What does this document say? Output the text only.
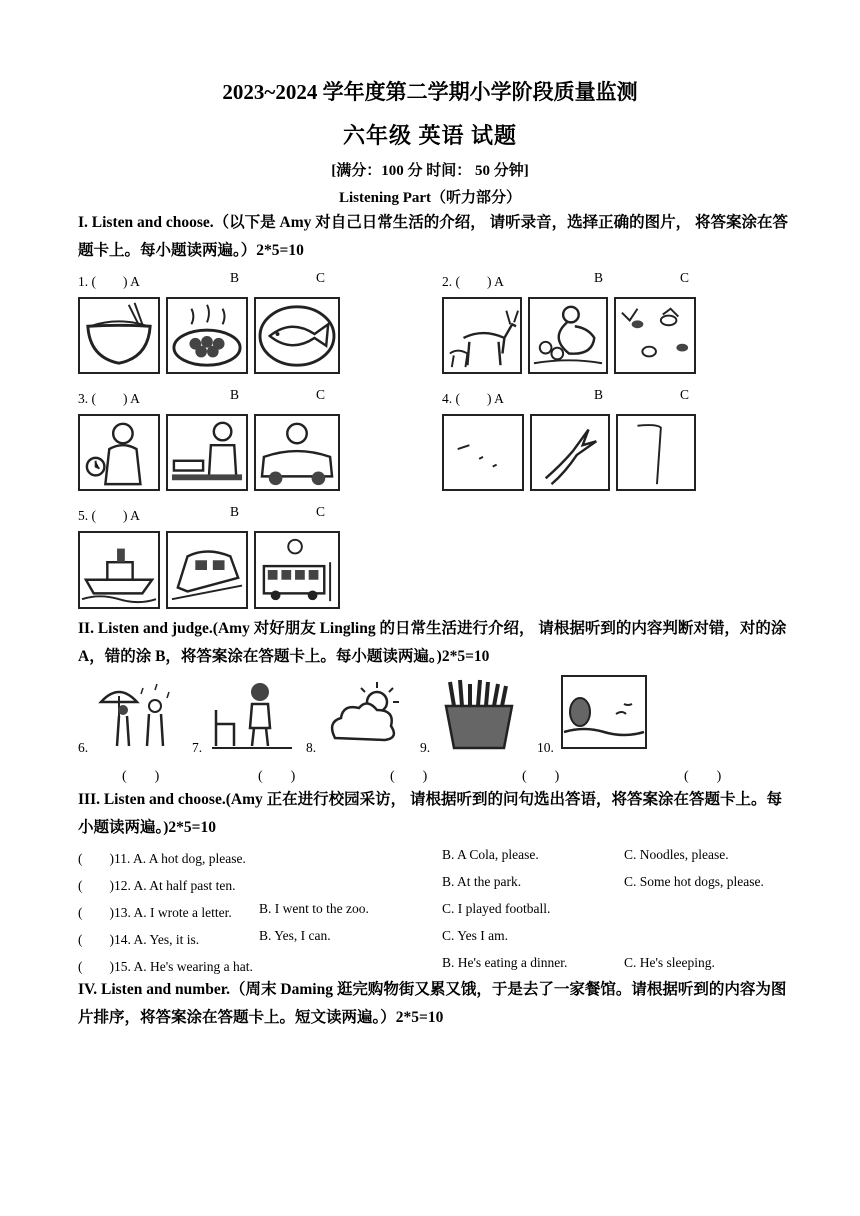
2023~2024 学年度第二学期小学阶段质量监测
六年级 英语 试题
[满分：100 分 时间： 50 分钟]
Listening Part（听力部分）
I. Listen and choose.（以下是 Amy 对自己日常生活的介绍， 请听录音，选择正确的图片， 将答案涂在答题卡上。每小题读两遍。）2*5=10
1. (　　) A	B	C	2. (　　) A	B	C
3. (　　) A	B	C	4. (　　) A	B	C
5. (　　) A	B	C
II. Listen and judge.(Amy 对好朋友 Lingling 的日常生活进行介绍， 请根据听到的内容判断对错，对的涂 A，错的涂 B，将答案涂在答题卡上。每小题读两遍。)2*5=10
6.	7.	8.	9.	10.
(　　)	(　　)	(　　)	(　　)	(　　)
III. Listen and choose.(Amy 正在进行校园采访， 请根据听到的问句选出答语，将答案涂在答题卡上。每小题读两遍。)2*5=10
(　　)11. A. A hot dog, please.	B. A Cola, please.	C. Noodles, please.
(　　)12. A. At half past ten.	B. At the park.	C. Some hot dogs, please.
(　　)13. A. I wrote a letter. B. I went to the zoo.	C. I played football.
(　　)14. A. Yes, it is.	B. Yes, I can.	C. Yes I am.
(　　)15. A. He's wearing a hat.	B. He's eating a dinner.	C. He's sleeping.
IV. Listen and number.（周末 Daming 逛完购物街又累又饿，于是去了一家餐馆。请根据听到的内容为图片排序，将答案涂在答题卡上。短文读两遍。）2*5=10
